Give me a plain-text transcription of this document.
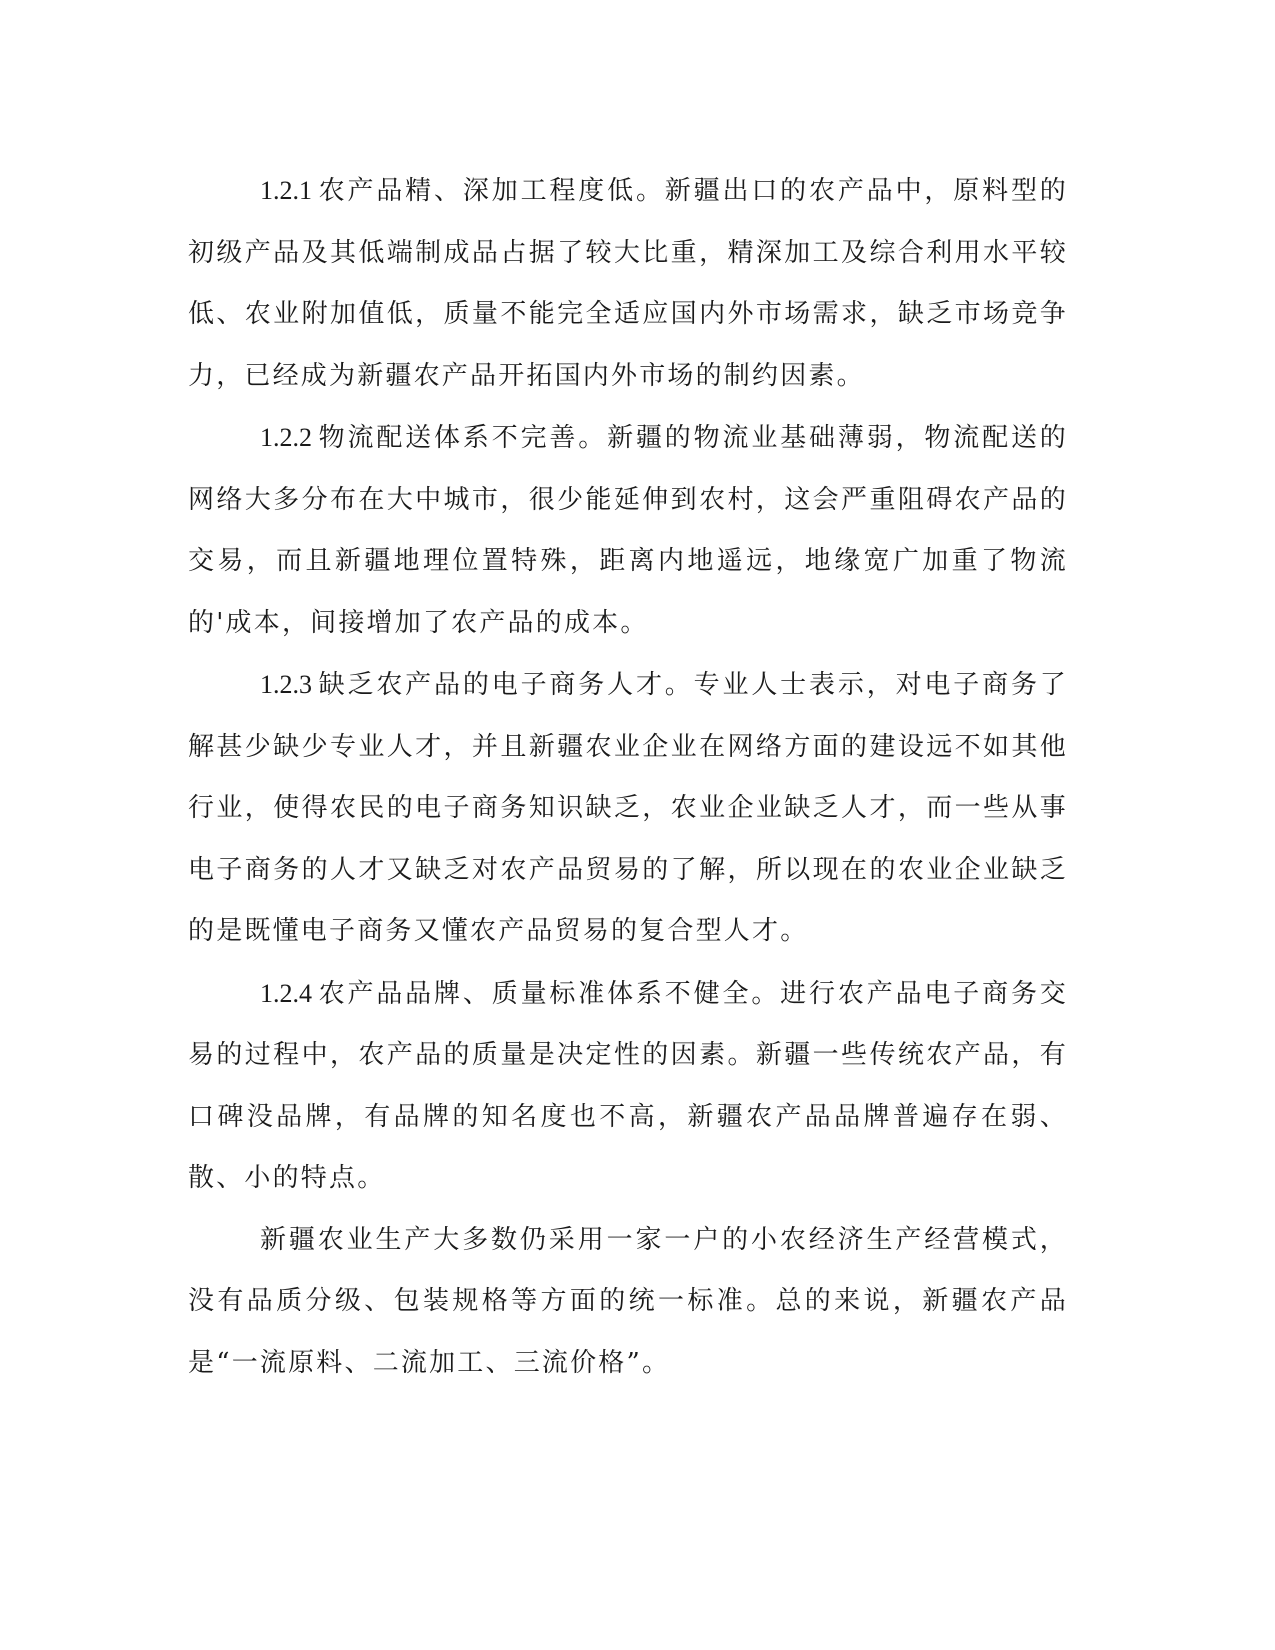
1.2.1 农产品精、深加工程度低。新疆出口的农产品中，原料型的初级产品及其低端制成品占据了较大比重，精深加工及综合利用水平较低、农业附加值低，质量不能完全适应国内外市场需求，缺乏市场竞争力，已经成为新疆农产品开拓国内外市场的制约因素。

1.2.2 物流配送体系不完善。新疆的物流业基础薄弱，物流配送的网络大多分布在大中城市，很少能延伸到农村，这会严重阻碍农产品的交易，而且新疆地理位置特殊，距离内地遥远，地缘宽广加重了物流的'成本，间接增加了农产品的成本。

1.2.3 缺乏农产品的电子商务人才。专业人士表示，对电子商务了解甚少缺少专业人才，并且新疆农业企业在网络方面的建设远不如其他行业，使得农民的电子商务知识缺乏，农业企业缺乏人才，而一些从事电子商务的人才又缺乏对农产品贸易的了解，所以现在的农业企业缺乏的是既懂电子商务又懂农产品贸易的复合型人才。

1.2.4 农产品品牌、质量标准体系不健全。进行农产品电子商务交易的过程中，农产品的质量是决定性的因素。新疆一些传统农产品，有口碑没品牌，有品牌的知名度也不高，新疆农产品品牌普遍存在弱、散、小的特点。

新疆农业生产大多数仍采用一家一户的小农经济生产经营模式，没有品质分级、包装规格等方面的统一标准。总的来说，新疆农产品是“一流原料、二流加工、三流价格”。
